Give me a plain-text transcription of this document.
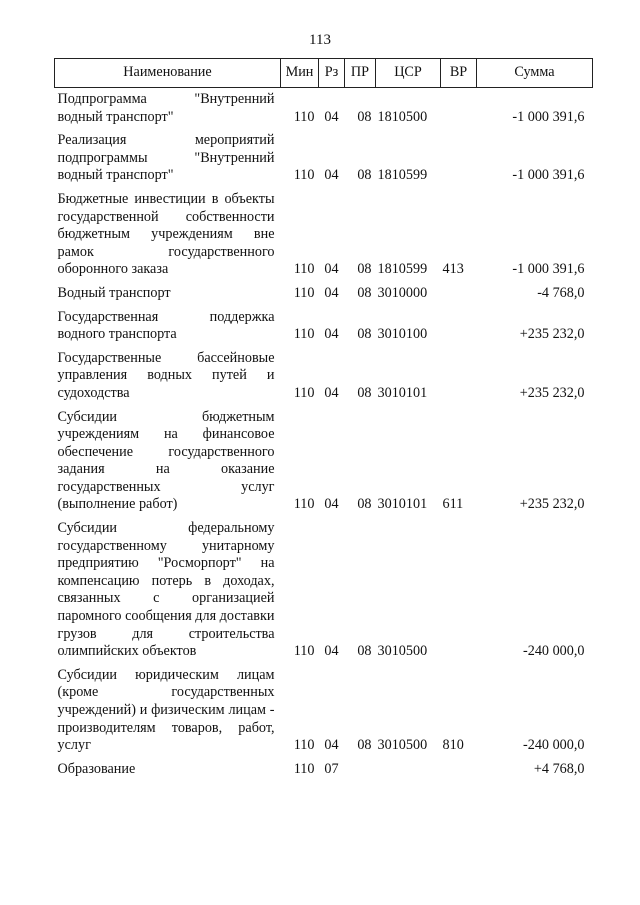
113
Наименование	Мин	Рз	ПР	ЦСР	ВР	Сумма
Подпрограмма "Внутренний водный транспорт"	110	04	08	1810500		-1 000 391,6
Реализация мероприятий подпрограммы "Внутренний водный транспорт"	110	04	08	1810599		-1 000 391,6
Бюджетные инвестиции в объекты государственной собственности бюджетным учреждениям вне рамок государственного оборонного заказа	110	04	08	1810599	413	-1 000 391,6
Водный транспорт	110	04	08	3010000		-4 768,0
Государственная поддержка водного транспорта	110	04	08	3010100		+235 232,0
Государственные бассейновые управления водных путей и судоходства	110	04	08	3010101		+235 232,0
Субсидии бюджетным учреждениям на финансовое обеспечение государственного задания на оказание государственных услуг (выполнение работ)	110	04	08	3010101	611	+235 232,0
Субсидии федеральному государственному унитарному предприятию "Росморпорт" на компенсацию потерь в доходах, связанных с организацией паромного сообщения для доставки грузов для строительства олимпийских объектов	110	04	08	3010500		-240 000,0
Субсидии юридическим лицам (кроме государственных учреждений) и физическим лицам - производителям товаров, работ, услуг	110	04	08	3010500	810	-240 000,0
Образование	110	07				+4 768,0
